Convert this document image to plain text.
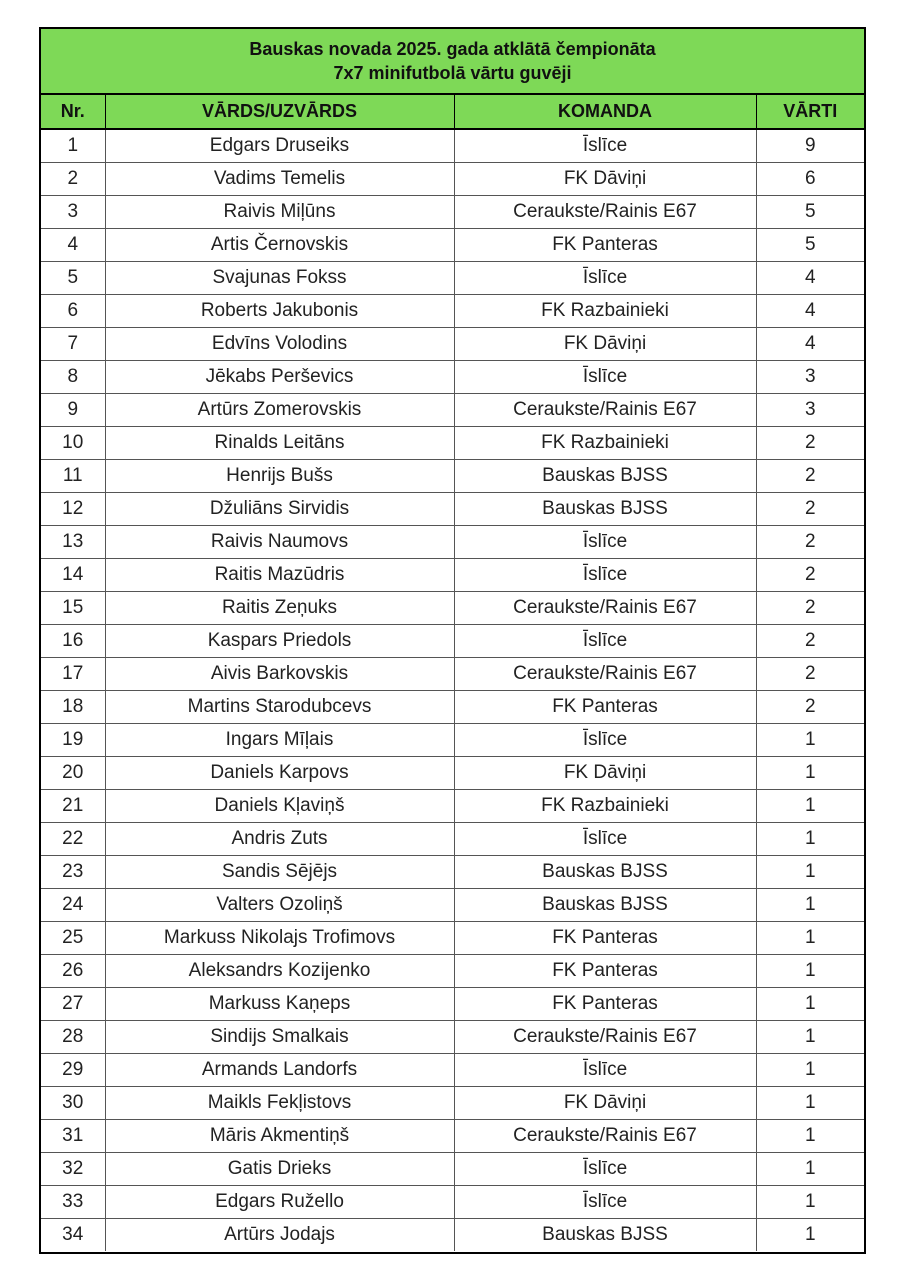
Bauskas novada 2025. gada atklātā čempionāta
7x7 minifutbolā vārtu guvēji
Nr.	VĀRDS/UZVĀRDS	KOMANDA	VĀRTI
1	Edgars Druseiks	Īslīce	9
2	Vadims Temelis	FK Dāviņi	6
3	Raivis Miļūns	Ceraukste/Rainis E67	5
4	Artis Černovskis	FK Panteras	5
5	Svajunas Fokss	Īslīce	4
6	Roberts Jakubonis	FK Razbainieki	4
7	Edvīns Volodins	FK Dāviņi	4
8	Jēkabs Perševics	Īslīce	3
9	Artūrs Zomerovskis	Ceraukste/Rainis E67	3
10	Rinalds Leitāns	FK Razbainieki	2
11	Henrijs Bušs	Bauskas BJSS	2
12	Džuliāns Sirvidis	Bauskas BJSS	2
13	Raivis Naumovs	Īslīce	2
14	Raitis Mazūdris	Īslīce	2
15	Raitis Zeņuks	Ceraukste/Rainis E67	2
16	Kaspars Priedols	Īslīce	2
17	Aivis Barkovskis	Ceraukste/Rainis E67	2
18	Martins Starodubcevs	FK Panteras	2
19	Ingars Mīļais	Īslīce	1
20	Daniels Karpovs	FK Dāviņi	1
21	Daniels Kļaviņš	FK Razbainieki	1
22	Andris Zuts	Īslīce	1
23	Sandis Sējējs	Bauskas BJSS	1
24	Valters Ozoliņš	Bauskas BJSS	1
25	Markuss Nikolajs Trofimovs	FK Panteras	1
26	Aleksandrs Kozijenko	FK Panteras	1
27	Markuss Kaņeps	FK Panteras	1
28	Sindijs Smalkais	Ceraukste/Rainis E67	1
29	Armands Landorfs	Īslīce	1
30	Maikls Fekļistovs	FK Dāviņi	1
31	Māris Akmentiņš	Ceraukste/Rainis E67	1
32	Gatis Drieks	Īslīce	1
33	Edgars Ružello	Īslīce	1
34	Artūrs Jodajs	Bauskas BJSS	1
